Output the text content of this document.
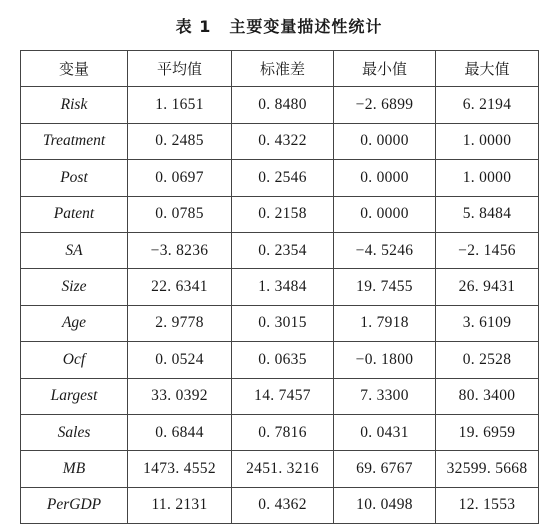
表 1 主要变量描述性统计
变量	平均值	标准差	最小值	最大值
Risk	1. 1651	0. 8480	−2. 6899	6. 2194
Treatment	0. 2485	0. 4322	0. 0000	1. 0000
Post	0. 0697	0. 2546	0. 0000	1. 0000
Patent	0. 0785	0. 2158	0. 0000	5. 8484
SA	−3. 8236	0. 2354	−4. 5246	−2. 1456
Size	22. 6341	1. 3484	19. 7455	26. 9431
Age	2. 9778	0. 3015	1. 7918	3. 6109
Ocf	0. 0524	0. 0635	−0. 1800	0. 2528
Largest	33. 0392	14. 7457	7. 3300	80. 3400
Sales	0. 6844	0. 7816	0. 0431	19. 6959
MB	1473. 4552	2451. 3216	69. 6767	32599. 5668
PerGDP	11. 2131	0. 4362	10. 0498	12. 1553
